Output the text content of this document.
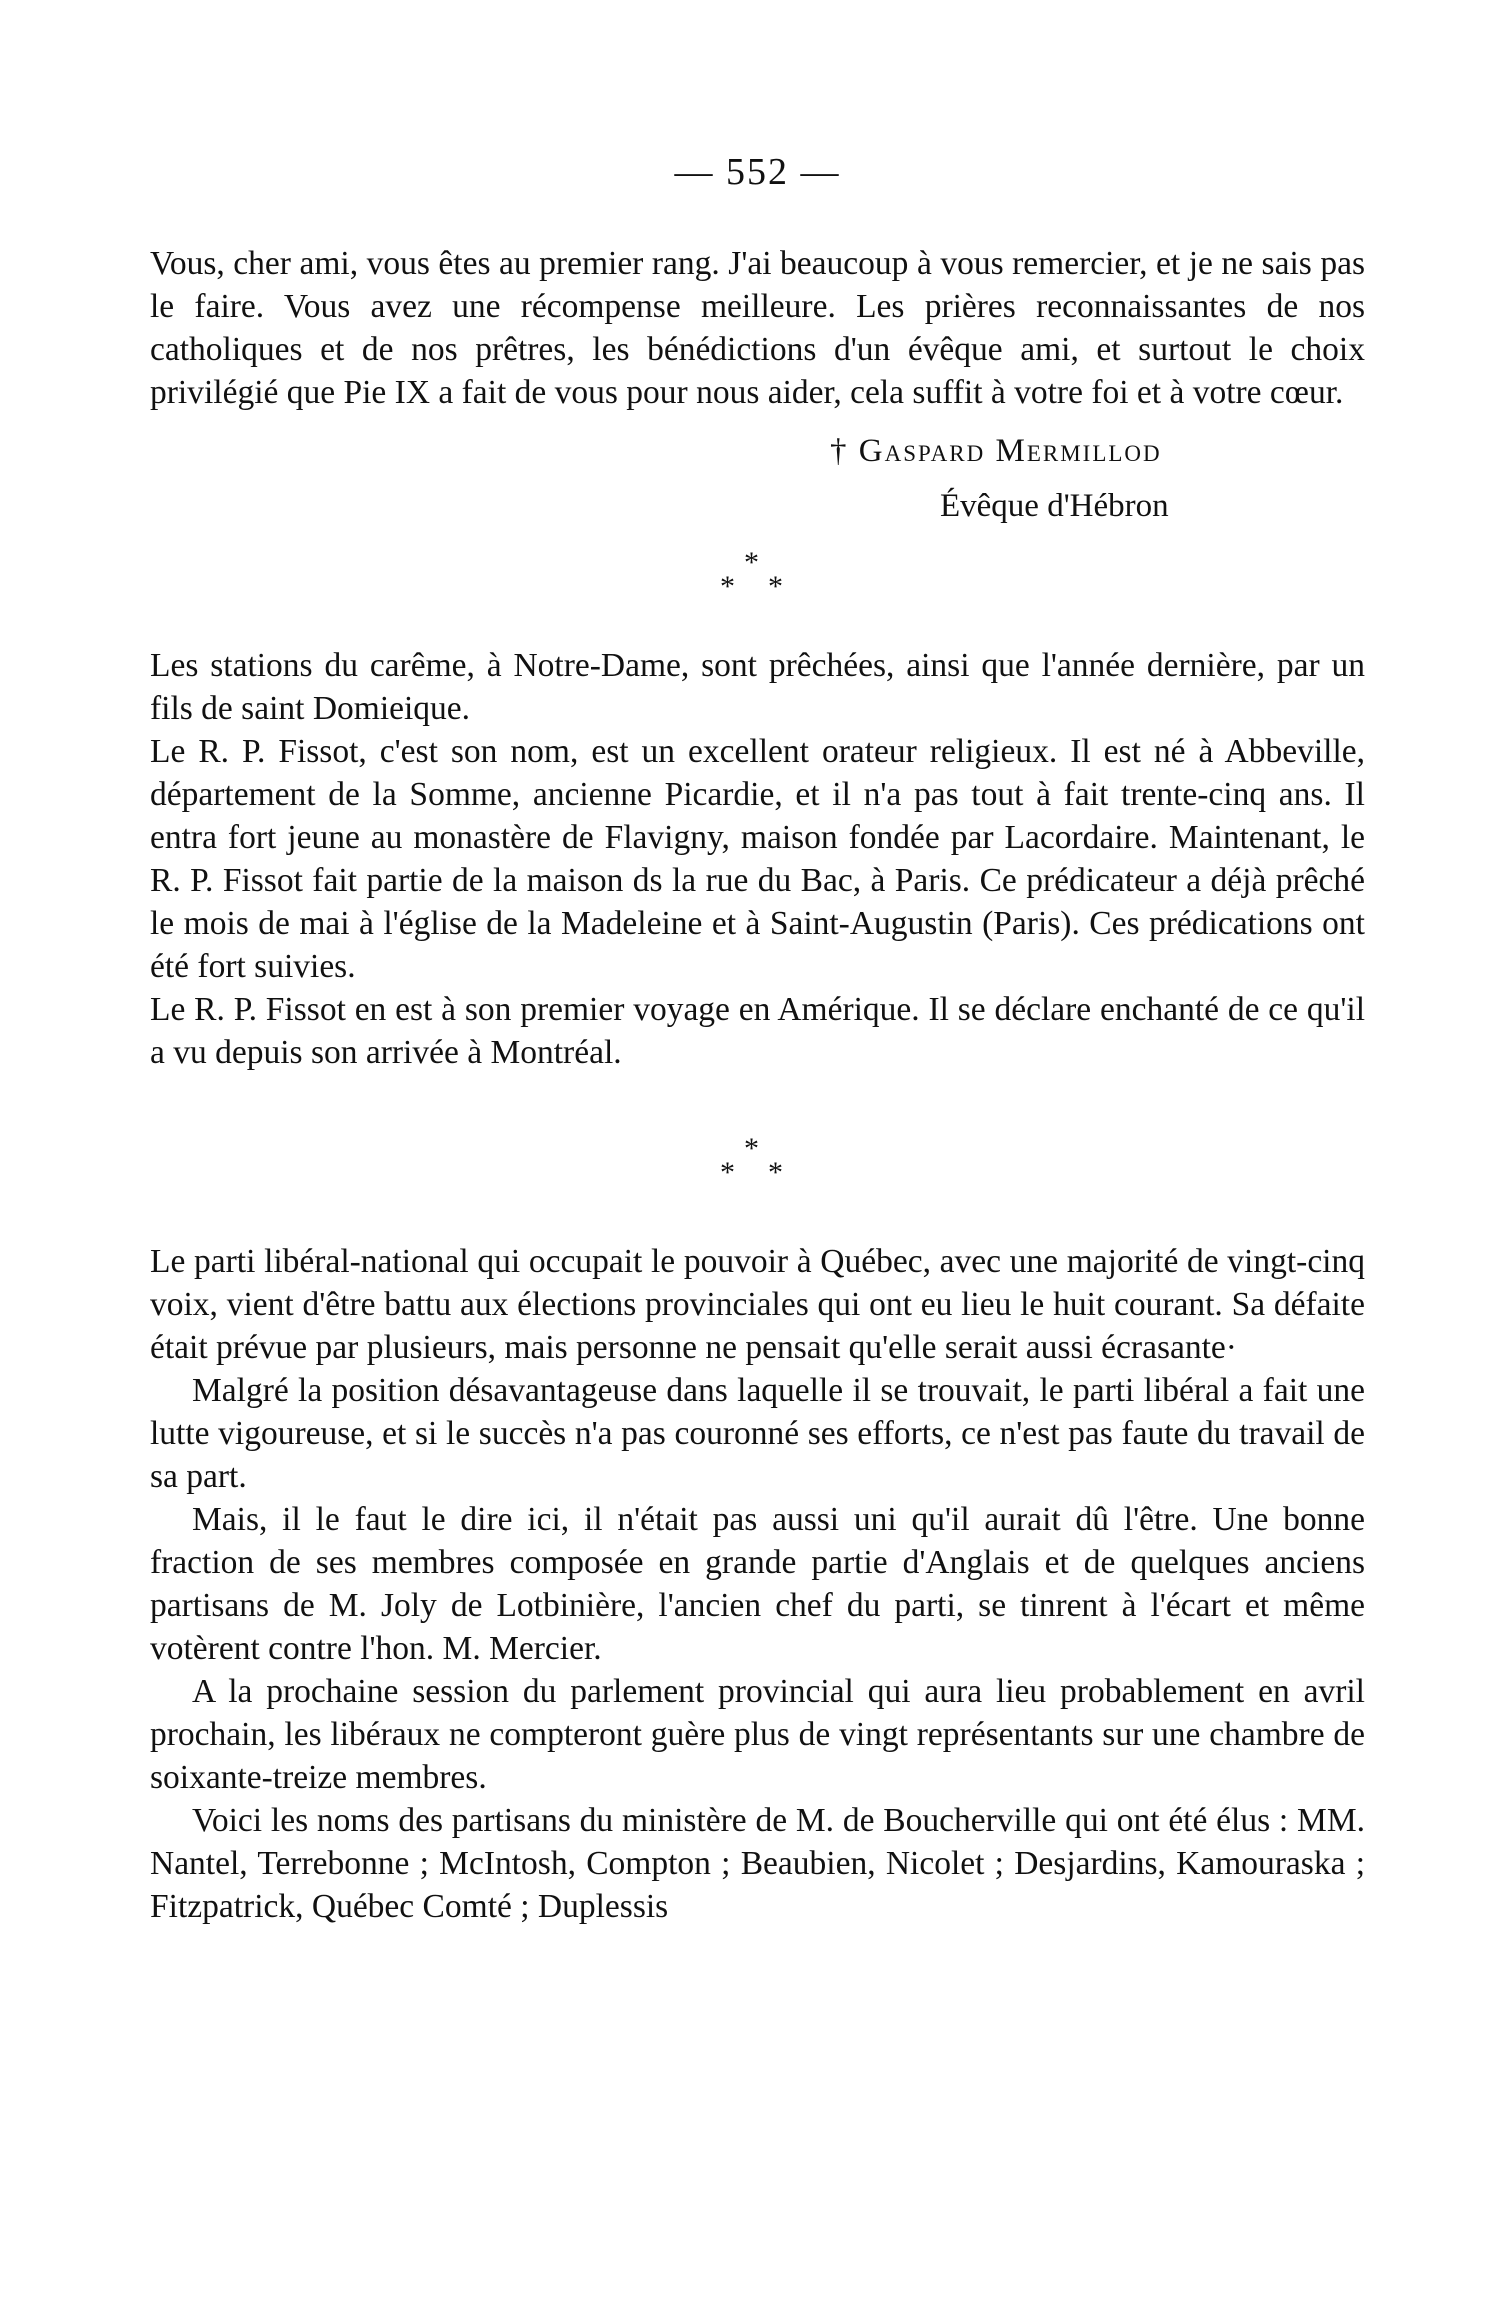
— 552 —

Vous, cher ami, vous êtes au premier rang. J'ai beaucoup à vous remercier, et je ne sais pas le faire. Vous avez une récompense meilleure. Les prières reconnaissantes de nos catholiques et de nos prêtres, les bénédictions d'un évêque ami, et surtout le choix privilégié que Pie IX a fait de vous pour nous aider, cela suffit à votre foi et à votre cœur.

† Gaspard Mermillod
Évêque d'Hébron
*
* *

Les stations du carême, à Notre-Dame, sont prêchées, ainsi que l'année dernière, par un fils de saint Domieique.

Le R. P. Fissot, c'est son nom, est un excellent orateur religieux. Il est né à Abbeville, département de la Somme, ancienne Picardie, et il n'a pas tout à fait trente-cinq ans. Il entra fort jeune au monastère de Flavigny, maison fondée par Lacordaire. Maintenant, le R. P. Fissot fait partie de la maison ds la rue du Bac, à Paris. Ce prédicateur a déjà prêché le mois de mai à l'église de la Madeleine et à Saint-Augustin (Paris). Ces prédications ont été fort suivies.

Le R. P. Fissot en est à son premier voyage en Amérique. Il se déclare enchanté de ce qu'il a vu depuis son arrivée à Montréal.

*
* *

Le parti libéral-national qui occupait le pouvoir à Québec, avec une majorité de vingt-cinq voix, vient d'être battu aux élections provinciales qui ont eu lieu le huit courant. Sa défaite était prévue par plusieurs, mais personne ne pensait qu'elle serait aussi écrasante·

Malgré la position désavantageuse dans laquelle il se trouvait, le parti libéral a fait une lutte vigoureuse, et si le succès n'a pas couronné ses efforts, ce n'est pas faute du travail de sa part.

Mais, il le faut le dire ici, il n'était pas aussi uni qu'il aurait dû l'être. Une bonne fraction de ses membres composée en grande partie d'Anglais et de quelques anciens partisans de M. Joly de Lotbinière, l'ancien chef du parti, se tinrent à l'écart et même votèrent contre l'hon. M. Mercier.

A la prochaine session du parlement provincial qui aura lieu probablement en avril prochain, les libéraux ne compteront guère plus de vingt représentants sur une chambre de soixante-treize membres.

Voici les noms des partisans du ministère de M. de Boucherville qui ont été élus : MM. Nantel, Terrebonne ; McIntosh, Compton ; Beaubien, Nicolet ; Desjardins, Kamouraska ; Fitzpatrick, Québec Comté ; Duplessis
